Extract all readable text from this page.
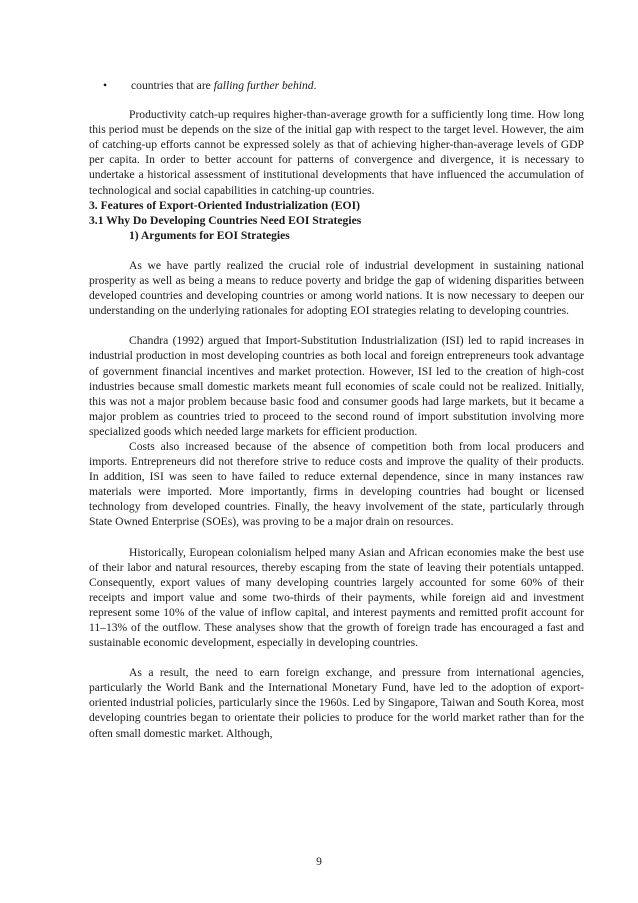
• countries that are falling further behind.

Productivity catch-up requires higher-than-average growth for a sufficiently long time. How long this period must be depends on the size of the initial gap with respect to the target level. However, the aim of catching-up efforts cannot be expressed solely as that of achieving higher-than-average levels of GDP per capita. In order to better account for patterns of convergence and divergence, it is necessary to undertake a historical assessment of institutional developments that have influenced the accumulation of technological and social capabilities in catching-up countries.

3. Features of Export-Oriented Industrialization (EOI)

3.1 Why Do Developing Countries Need EOI Strategies

1) Arguments for EOI Strategies

As we have partly realized the crucial role of industrial development in sustaining national prosperity as well as being a means to reduce poverty and bridge the gap of widening disparities between developed countries and developing countries or among world nations. It is now necessary to deepen our understanding on the underlying rationales for adopting EOI strategies relating to developing countries.

Chandra (1992) argued that Import-Substitution Industrialization (ISI) led to rapid increases in industrial production in most developing countries as both local and foreign entrepreneurs took advantage of government financial incentives and market protection. However, ISI led to the creation of high-cost industries because small domestic markets meant full economies of scale could not be realized. Initially, this was not a major problem because basic food and consumer goods had large markets, but it became a major problem as countries tried to proceed to the second round of import substitution involving more specialized goods which needed large markets for efficient production.

Costs also increased because of the absence of competition both from local producers and imports. Entrepreneurs did not therefore strive to reduce costs and improve the quality of their products. In addition, ISI was seen to have failed to reduce external dependence, since in many instances raw materials were imported. More importantly, firms in developing countries had bought or licensed technology from developed countries. Finally, the heavy involvement of the state, particularly through State Owned Enterprise (SOEs), was proving to be a major drain on resources.

Historically, European colonialism helped many Asian and African economies make the best use of their labor and natural resources, thereby escaping from the state of leaving their potentials untapped. Consequently, export values of many developing countries largely accounted for some 60% of their receipts and import value and some two-thirds of their payments, while foreign aid and investment represent some 10% of the value of inflow capital, and interest payments and remitted profit account for 11–13% of the outflow. These analyses show that the growth of foreign trade has encouraged a fast and sustainable economic development, especially in developing countries.

As a result, the need to earn foreign exchange, and pressure from international agencies, particularly the World Bank and the International Monetary Fund, have led to the adoption of export-oriented industrial policies, particularly since the 1960s. Led by Singapore, Taiwan and South Korea, most developing countries began to orientate their policies to produce for the world market rather than for the often small domestic market. Although,

9
